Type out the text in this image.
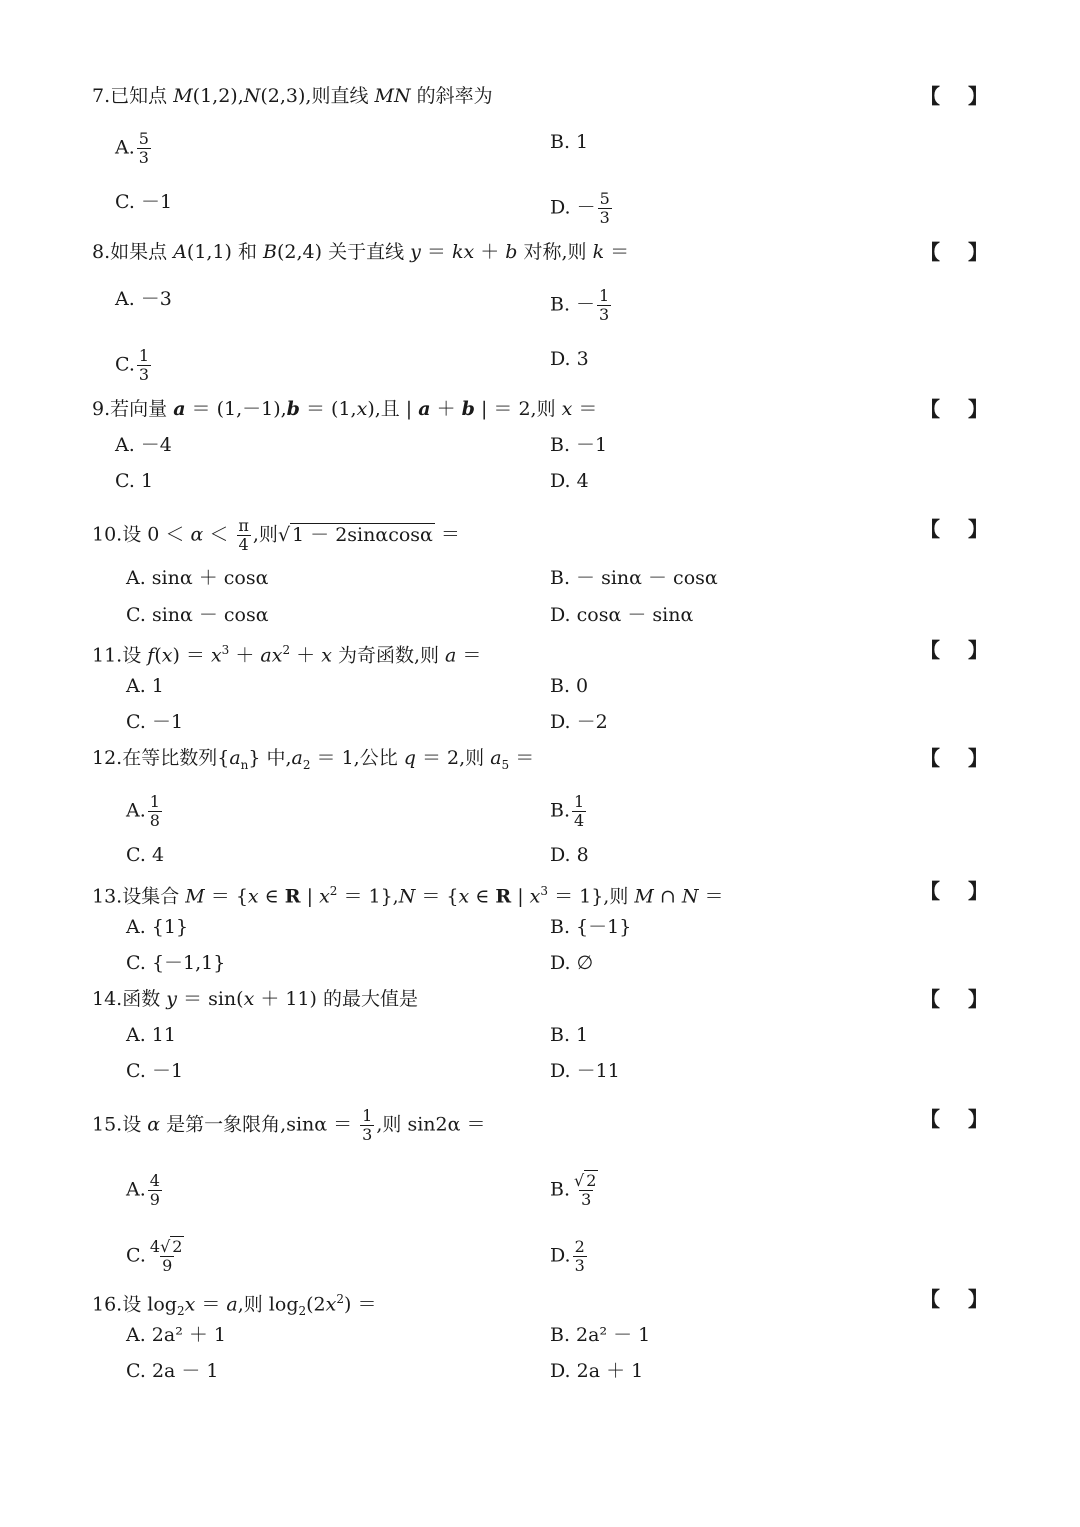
7.已知点 M(1,2),N(2,3),则直线 MN 的斜率为	【 】
A. $\frac{5}{3}$	B. 1
C. －1	D. － $\frac{5}{3}$
8.如果点 A(1,1) 和 B(2,4) 关于直线 y ＝ kx ＋ b 对称,则 k ＝	【 】
A. －3	B. － $\frac{1}{3}$
C. $\frac{1}{3}$	D. 3
9.若向量 a ＝ (1,－1),b ＝ (1,x),且 | a ＋ b | ＝ 2,则 x ＝	【 】
A. －4	B. －1
C. 1	D. 4
10.设 $0 < \alpha < \frac{\pi}{4}$ ,则√ 1 － 2sinαcosα ＝	【 】
A. sinα ＋ cosα	B. － sinα － cosα
C. sinα － cosα	D. cosα － sinα
11.设 $f(x) = x^3 + ax^2 + x$ 为奇函数,则 a ＝	【 】
A. 1	B. 0
C. －1	D. －2
12.在等比数列$\{a_n\}$ 中$,a_2 = 1$,公比 q ＝ 2,则 $a_5$ ＝	【 】
A. $\frac{1}{8}$	B. $\frac{1}{4}$
C. 4	D. 8
13.设集合 M ＝ {x ∈ R | $x^2 = 1\},N = \{x$ ∈ R | $x^3 = 1$},则 M ∩ N ＝	【 】
A. {1}	B. {－1}
C. {－1,1}	D. ∅
14.函数 y ＝ sin(x ＋ 11) 的最大值是	【 】
A. 11	B. 1
C. －1	D. －11
15.设 α 是第一象限角$,\sin\alpha = \frac{1}{3}$ ,则 sin2α ＝	【 】
A. $\frac{4}{9}$	B. $\frac{√ 2}{3}$
C. $\frac{4√ 2}{9}$	D. $\frac{2}{3}$
16.设 $\log_2x = a$,则 $\log_2(2x^2)$ ＝	【 】
A. 2a² ＋ 1	B. 2a² － 1
C. 2a － 1	D. 2a ＋ 1
